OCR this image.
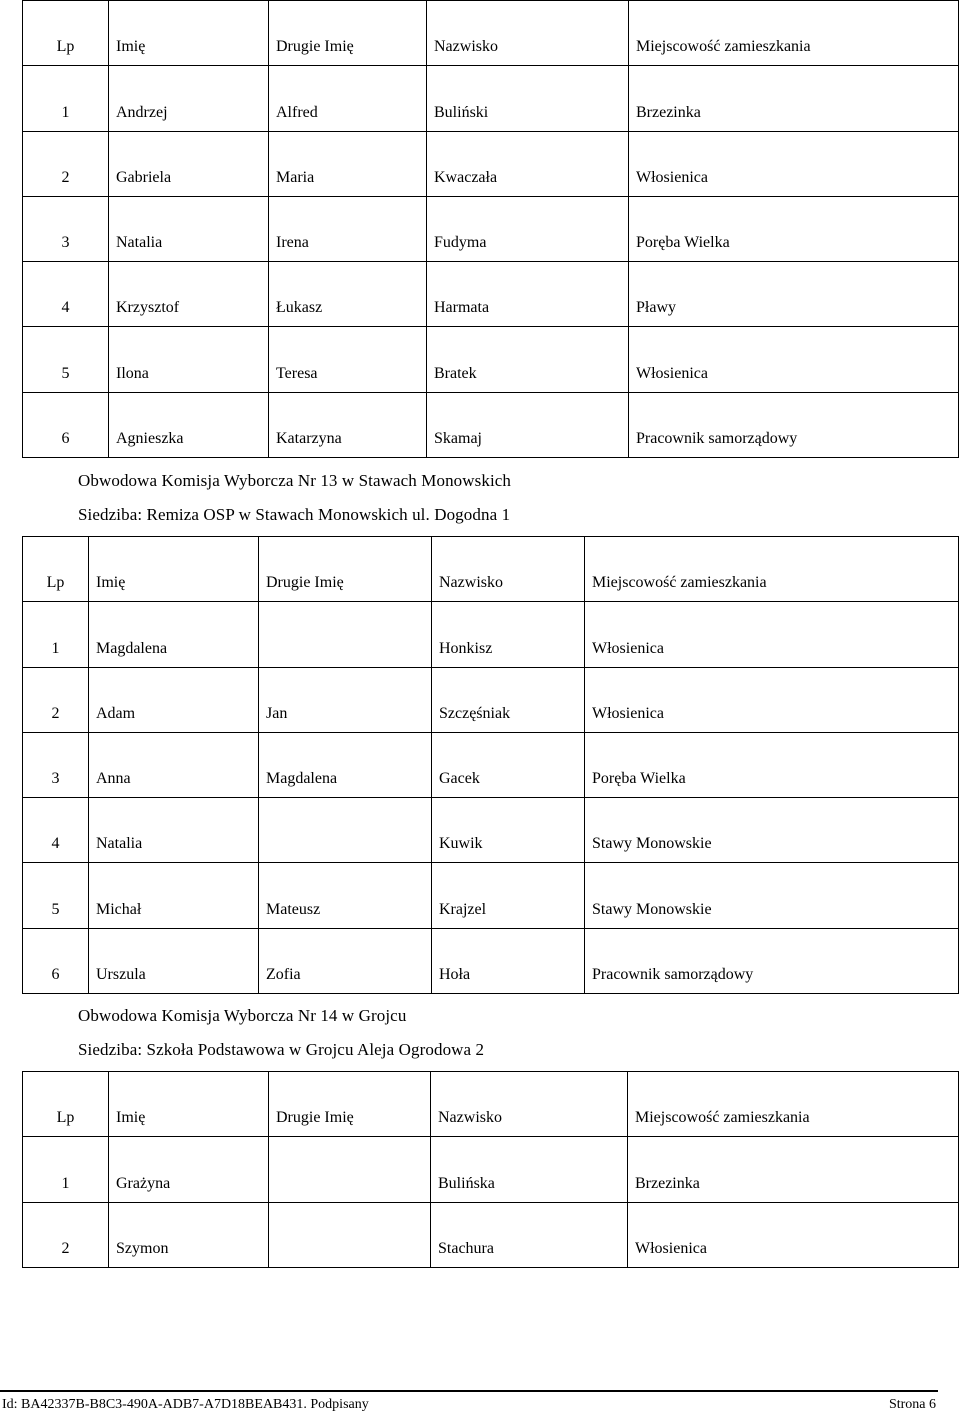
Lp	Imię	Drugie Imię	Nazwisko	Miejscowość zamieszkania

1	Andrzej	Alfred	Buliński	Brzezinka

2	Gabriela	Maria	Kwaczała	Włosienica

3	Natalia	Irena	Fudyma	Poręba Wielka

4	Krzysztof	Łukasz	Harmata	Pławy

5	Ilona	Teresa	Bratek	Włosienica

6	Agnieszka	Katarzyna	Skamaj	Pracownik samorządowy
Obwodowa Komisja Wyborcza Nr 13 w Stawach Monowskich
Siedziba: Remiza OSP w Stawach Monowskich ul. Dogodna 1
Lp	Imię	Drugie Imię	Nazwisko	Miejscowość zamieszkania

1	Magdalena		Honkisz	Włosienica

2	Adam	Jan	Szczęśniak	Włosienica

3	Anna	Magdalena	Gacek	Poręba Wielka

4	Natalia		Kuwik	Stawy Monowskie

5	Michał	Mateusz	Krajzel	Stawy Monowskie

6	Urszula	Zofia	Hoła	Pracownik samorządowy
Obwodowa Komisja Wyborcza Nr 14 w Grojcu
Siedziba: Szkoła Podstawowa w Grojcu Aleja Ogrodowa 2
Lp	Imię	Drugie Imię	Nazwisko	Miejscowość zamieszkania

1	Grażyna		Bulińska	Brzezinka

2	Szymon		Stachura	Włosienica
Id: BA42337B-B8C3-490A-ADB7-A7D18BEAB431. Podpisany	Strona 6
